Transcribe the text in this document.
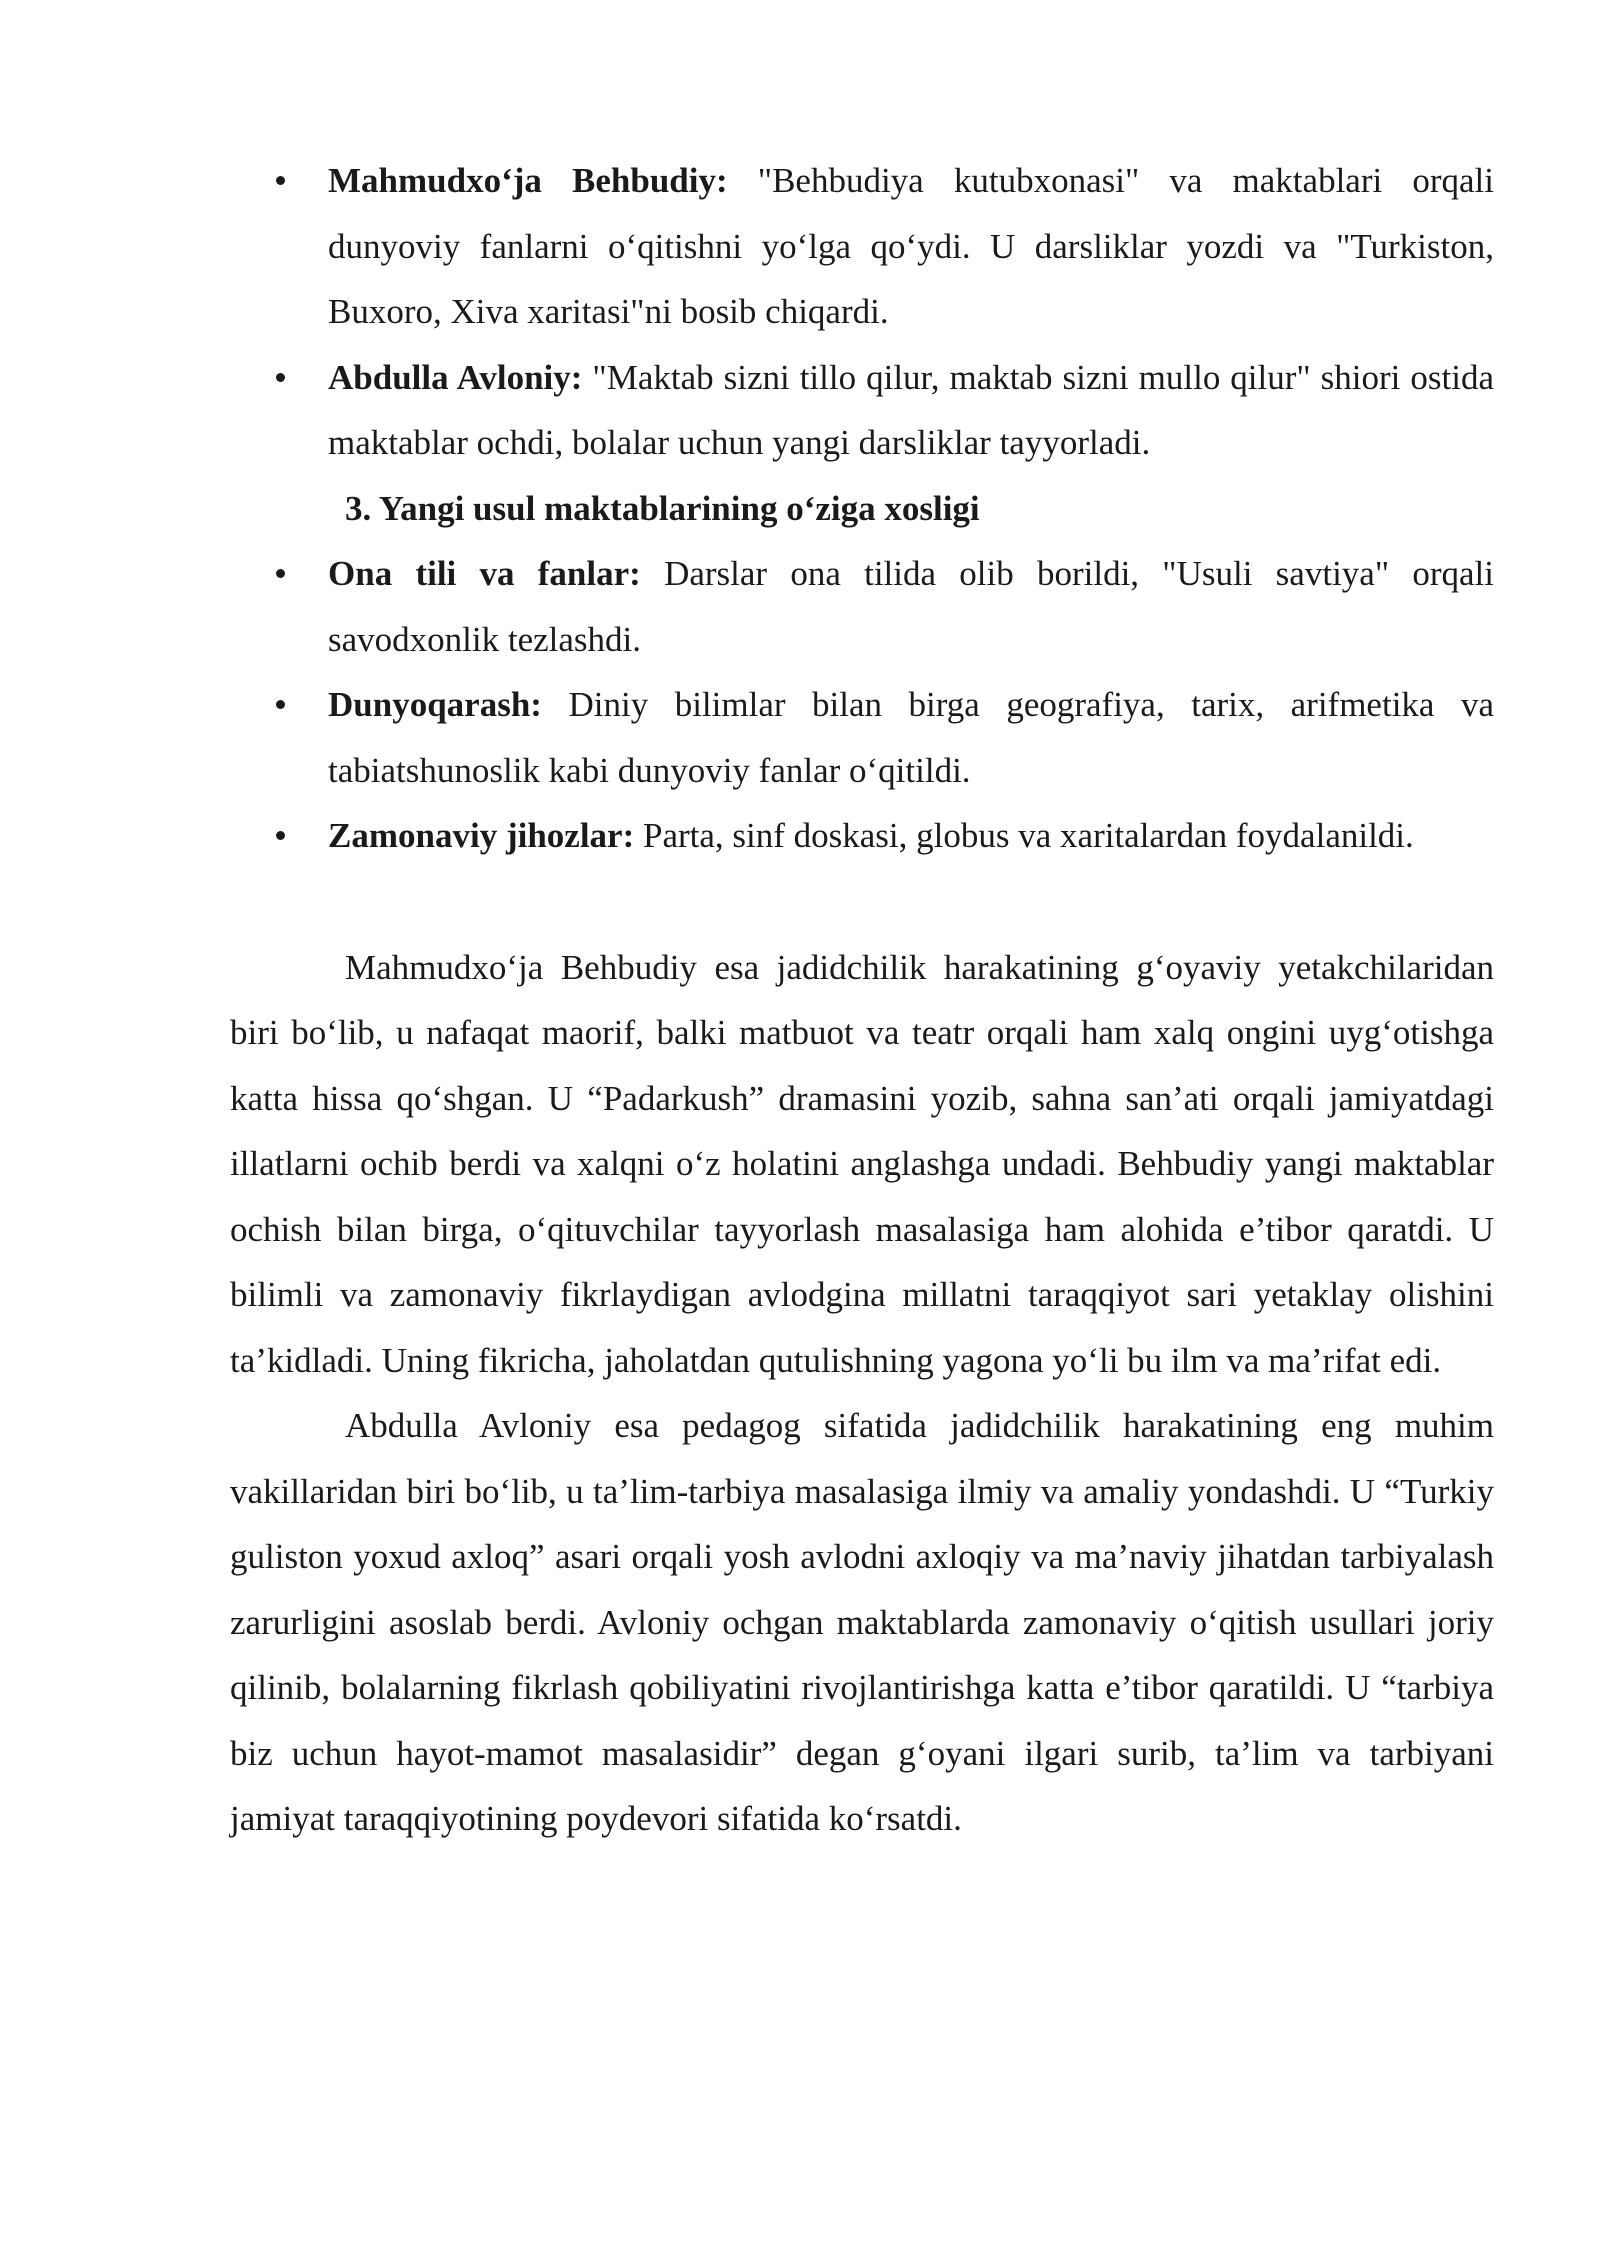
Mahmudxo‘ja Behbudiy: "Behbudiya kutubxonasi" va maktablari orqali dunyoviy fanlarni o‘qitishni yo‘lga qo‘ydi. U darsliklar yozdi va "Turkiston, Buxoro, Xiva xaritasi"ni bosib chiqardi.
Abdulla Avloniy: "Maktab sizni tillo qilur, maktab sizni mullo qilur" shiori ostida maktablar ochdi, bolalar uchun yangi darsliklar tayyorladi.
3. Yangi usul maktablarining o‘ziga xosligi
Ona tili va fanlar: Darslar ona tilida olib borildi, "Usuli savtiya" orqali savodxonlik tezlashdi.
Dunyoqarash: Diniy bilimlar bilan birga geografiya, tarix, arifmetika va tabiatshunoslik kabi dunyoviy fanlar o‘qitildi.
Zamonaviy jihozlar: Parta, sinf doskasi, globus va xaritalardan foydalanildi.

Mahmudxo‘ja Behbudiy esa jadidchilik harakatining g‘oyaviy yetakchilaridan biri bo‘lib, u nafaqat maorif, balki matbuot va teatr orqali ham xalq ongini uyg‘otishga katta hissa qo‘shgan. U “Padarkush” dramasini yozib, sahna san’ati orqali jamiyatdagi illatlarni ochib berdi va xalqni o‘z holatini anglashga undadi. Behbudiy yangi maktablar ochish bilan birga, o‘qituvchilar tayyorlash masalasiga ham alohida e’tibor qaratdi. U bilimli va zamonaviy fikrlaydigan avlodgina millatni taraqqiyot sari yetaklay olishini ta’kidladi. Uning fikricha, jaholatdan qutulishning yagona yo‘li bu ilm va ma’rifat edi.

Abdulla Avloniy esa pedagog sifatida jadidchilik harakatining eng muhim vakillaridan biri bo‘lib, u ta’lim-tarbiya masalasiga ilmiy va amaliy yondashdi. U “Turkiy guliston yoxud axloq” asari orqali yosh avlodni axloqiy va ma’naviy jihatdan tarbiyalash zarurligini asoslab berdi. Avloniy ochgan maktablarda zamonaviy o‘qitish usullari joriy qilinib, bolalarning fikrlash qobiliyatini rivojlantirishga katta e’tibor qaratildi. U “tarbiya biz uchun hayot-mamot masalasidir” degan g‘oyani ilgari surib, ta’lim va tarbiyani jamiyat taraqqiyotining poydevori sifatida ko‘rsatdi.
